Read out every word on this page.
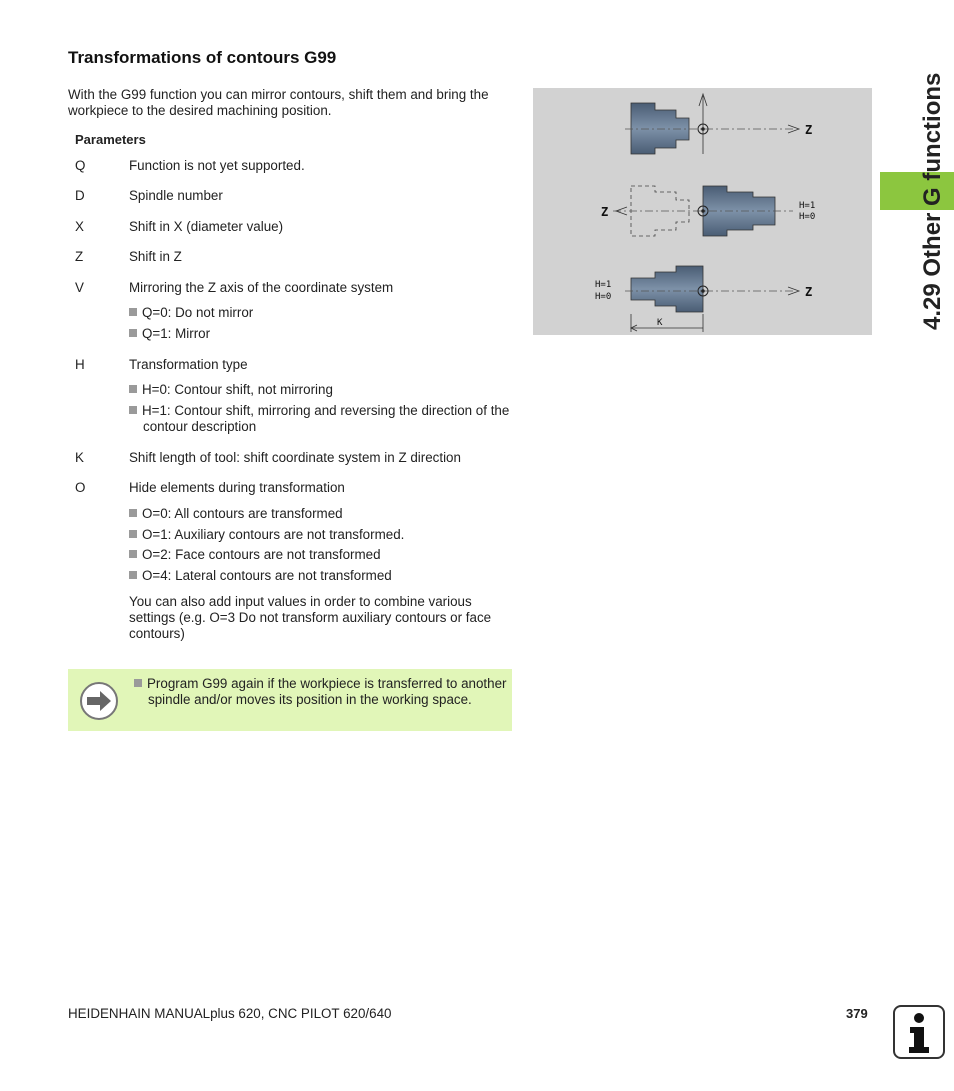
Transformations of contours G99
With the G99 function you can mirror contours, shift them and bring the workpiece to the desired machining position.
Parameters
Q	Function is not yet supported.
D	Spindle number
X	Shift in X (diameter value)
Z	Shift in Z
V	Mirroring the Z axis of the coordinate system
Q=0: Do not mirror
Q=1: Mirror
H	Transformation type
H=0: Contour shift, not mirroring
H=1: Contour shift, mirroring and reversing the direction of the contour description
K	Shift length of tool: shift coordinate system in Z direction
O	Hide elements during transformation
O=0: All contours are transformed
O=1: Auxiliary contours are not transformed.
O=2: Face contours are not transformed
O=4: Lateral contours are not transformed
You can also add input values in order to combine various settings (e.g. O=3 Do not transform auxiliary contours or face contours)
Program G99 again if the workpiece is transferred to another spindle and/or moves its position in the working space.
Z
Z	H=1
H=0
Z
H=1
H=0
K	4.29 Other G functions
HEIDENHAIN MANUALplus 620, CNC PILOT 620/640	379
